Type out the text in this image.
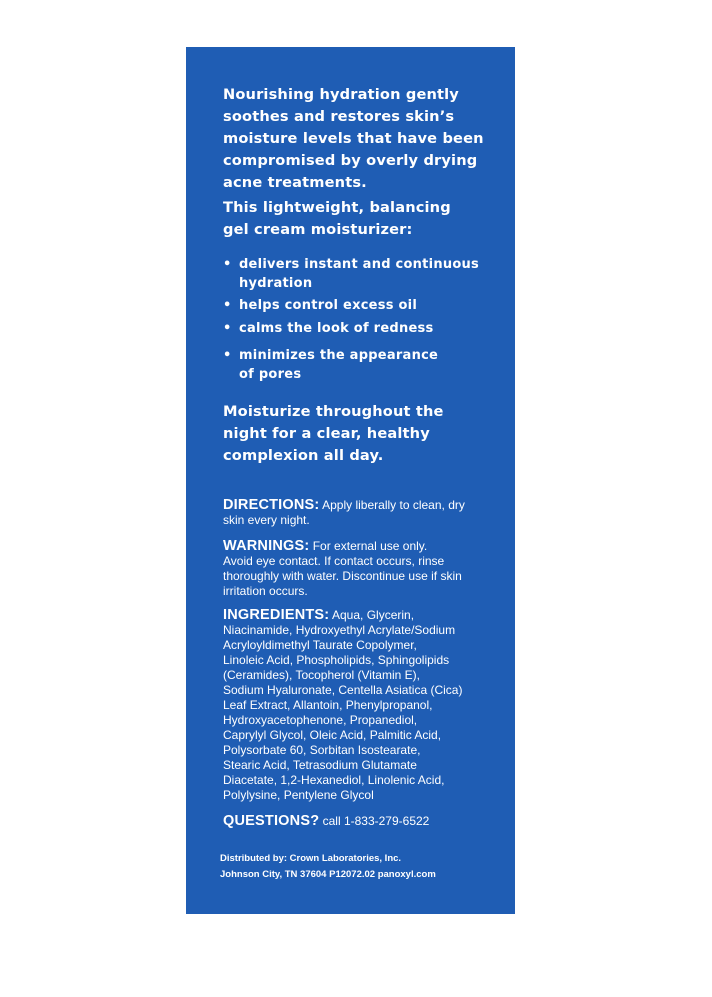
Nourishing hydration gently
soothes and restores skin’s
moisture levels that have been
compromised by overly drying
acne treatments.

This lightweight, balancing
gel cream moisturizer:

• delivers instant and continuous
hydration
• helps control excess oil
• calms the look of redness
• minimizes the appearance
of pores

Moisturize throughout the
night for a clear, healthy
complexion all day.

DIRECTIONS: Apply liberally to clean, dry
skin every night.

WARNINGS: For external use only.
Avoid eye contact. If contact occurs, rinse
thoroughly with water. Discontinue use if skin
irritation occurs.

INGREDIENTS: Aqua, Glycerin,
Niacinamide, Hydroxyethyl Acrylate/Sodium
Acryloyldimethyl Taurate Copolymer,
Linoleic Acid, Phospholipids, Sphingolipids
(Ceramides), Tocopherol (Vitamin E),
Sodium Hyaluronate, Centella Asiatica (Cica)
Leaf Extract, Allantoin, Phenylpropanol,
Hydroxyacetophenone, Propanediol,
Caprylyl Glycol, Oleic Acid, Palmitic Acid,
Polysorbate 60, Sorbitan Isostearate,
Stearic Acid, Tetrasodium Glutamate
Diacetate, 1,2-Hexanediol, Linolenic Acid,
Polylysine, Pentylene Glycol

QUESTIONS? call 1-833-279-6522

Distributed by: Crown Laboratories, Inc.
Johnson City, TN 37604 P12072.02 panoxyl.com
